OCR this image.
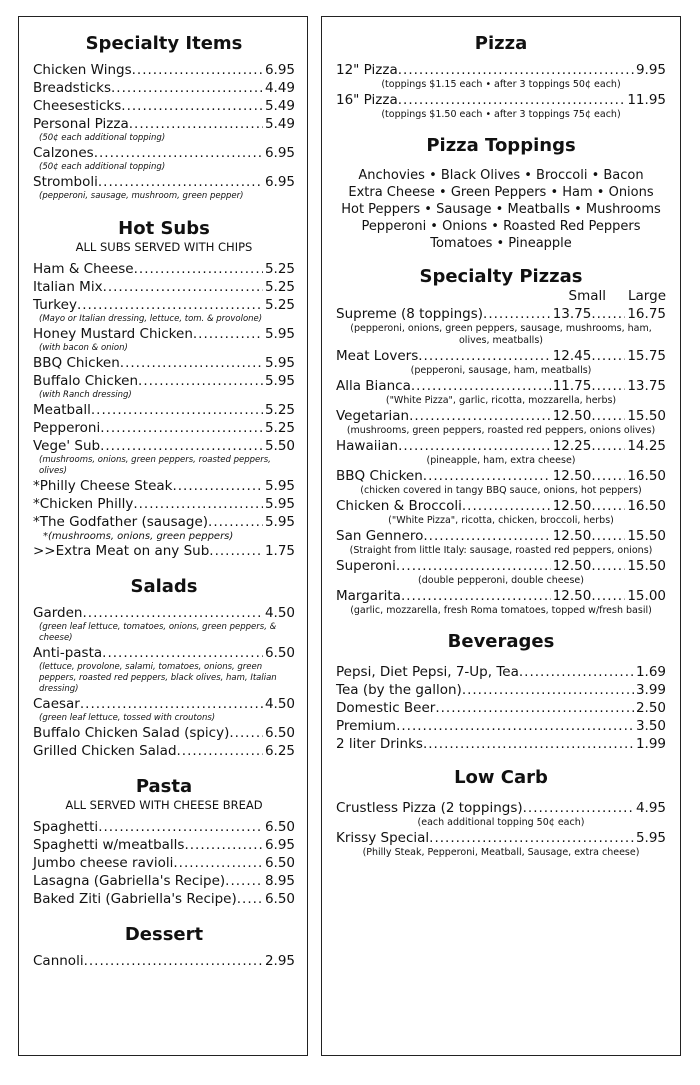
Specialty Items
Chicken Wings .....	6.95
Breadsticks .....	4.49
Cheesesticks .....	5.49
Personal Pizza .....	5.49
(50¢ each additional topping)
Calzones .....	6.95
(50¢ each additional topping)
Stromboli .....	6.95
(pepperoni, sausage, mushroom, green pepper)
Hot Subs
ALL SUBS SERVED WITH CHIPS
Ham & Cheese .....	5.25
Italian Mix .....	5.25
Turkey .....	5.25
(Mayo or Italian dressing, lettuce, tom. & provolone)
Honey Mustard Chicken .....	5.95
(with bacon & onion)
BBQ Chicken .....	5.95
Buffalo Chicken .....	5.95
(with Ranch dressing)
Meatball .....	5.25
Pepperoni .....	5.25
Vege' Sub .....	5.50
(mushrooms, onions, green peppers, roasted peppers, olives)
*Philly Cheese Steak .....	5.95
*Chicken Philly .....	5.95
*The Godfather (sausage) .....	5.95
*(mushrooms, onions, green peppers)
>>Extra Meat on any Sub .....	1.75
Salads
Garden .....	4.50
(green leaf lettuce, tomatoes, onions, green peppers, & cheese)
Anti-pasta .....	6.50
(lettuce, provolone, salami, tomatoes, onions, green peppers, roasted red peppers, black olives, ham, Italian dressing)
Caesar .....	4.50
(green leaf lettuce, tossed with croutons)
Buffalo Chicken Salad (spicy) .....	6.50
Grilled Chicken Salad .....	6.25
Pasta
ALL SERVED WITH CHEESE BREAD
Spaghetti .....	6.50
Spaghetti w/meatballs .....	6.95
Jumbo cheese ravioli .....	6.50
Lasagna (Gabriella's Recipe) .....	8.95
Baked Ziti (Gabriella's Recipe) ..... 6.50
Dessert
Cannoli .....	2.95
Pizza
12" Pizza .....	9.95
(toppings $1.15 each • after 3 toppings 50¢ each)
16" Pizza .....	11.95
(toppings $1.50 each • after 3 toppings 75¢ each)
Pizza Toppings
Anchovies • Black Olives • Broccoli • Bacon
Extra Cheese • Green Peppers • Ham • Onions
Hot Peppers • Sausage • Meatballs • Mushrooms
Pepperoni • Onions • Roasted Red Peppers
Tomatoes • Pineapple
Specialty Pizzas
Small	Large
Supreme (8 toppings) .....	13.75 .....	16.75
(pepperoni, onions, green peppers, sausage, mushrooms, ham, olives, meatballs)
Meat Lovers .....	12.45 .....	15.75
(pepperoni, sausage, ham, meatballs)
Alla Bianca .....	11.75 .....	13.75
("White Pizza", garlic, ricotta, mozzarella, herbs)
Vegetarian .....	12.50 .....	15.50
(mushrooms, green peppers, roasted red peppers, onions olives)
Hawaiian .....	12.25 .....	14.25
(pineapple, ham, extra cheese)
BBQ Chicken .....	12.50 .....	16.50
(chicken covered in tangy BBQ sauce, onions, hot peppers)
Chicken & Broccoli .....	12.50 .....	16.50
("White Pizza", ricotta, chicken, broccoli, herbs)
San Gennero .....	12.50 .....	15.50
(Straight from little Italy: sausage, roasted red peppers, onions)
Superoni .....	12.50 .....	15.50
(double pepperoni, double cheese)
Margarita .....	12.50 .....	15.00
(garlic, mozzarella, fresh Roma tomatoes, topped w/fresh basil)
Beverages
Pepsi, Diet Pepsi, 7-Up, Tea .....	1.69
Tea (by the gallon) .....	3.99
Domestic Beer .....	2.50
Premium .....	3.50
2 liter Drinks .....	1.99
Low Carb
Crustless Pizza (2 toppings) .....	4.95
(each additional topping 50¢ each)
Krissy Special .....	5.95
(Philly Steak, Pepperoni, Meatball, Sausage, extra cheese)
